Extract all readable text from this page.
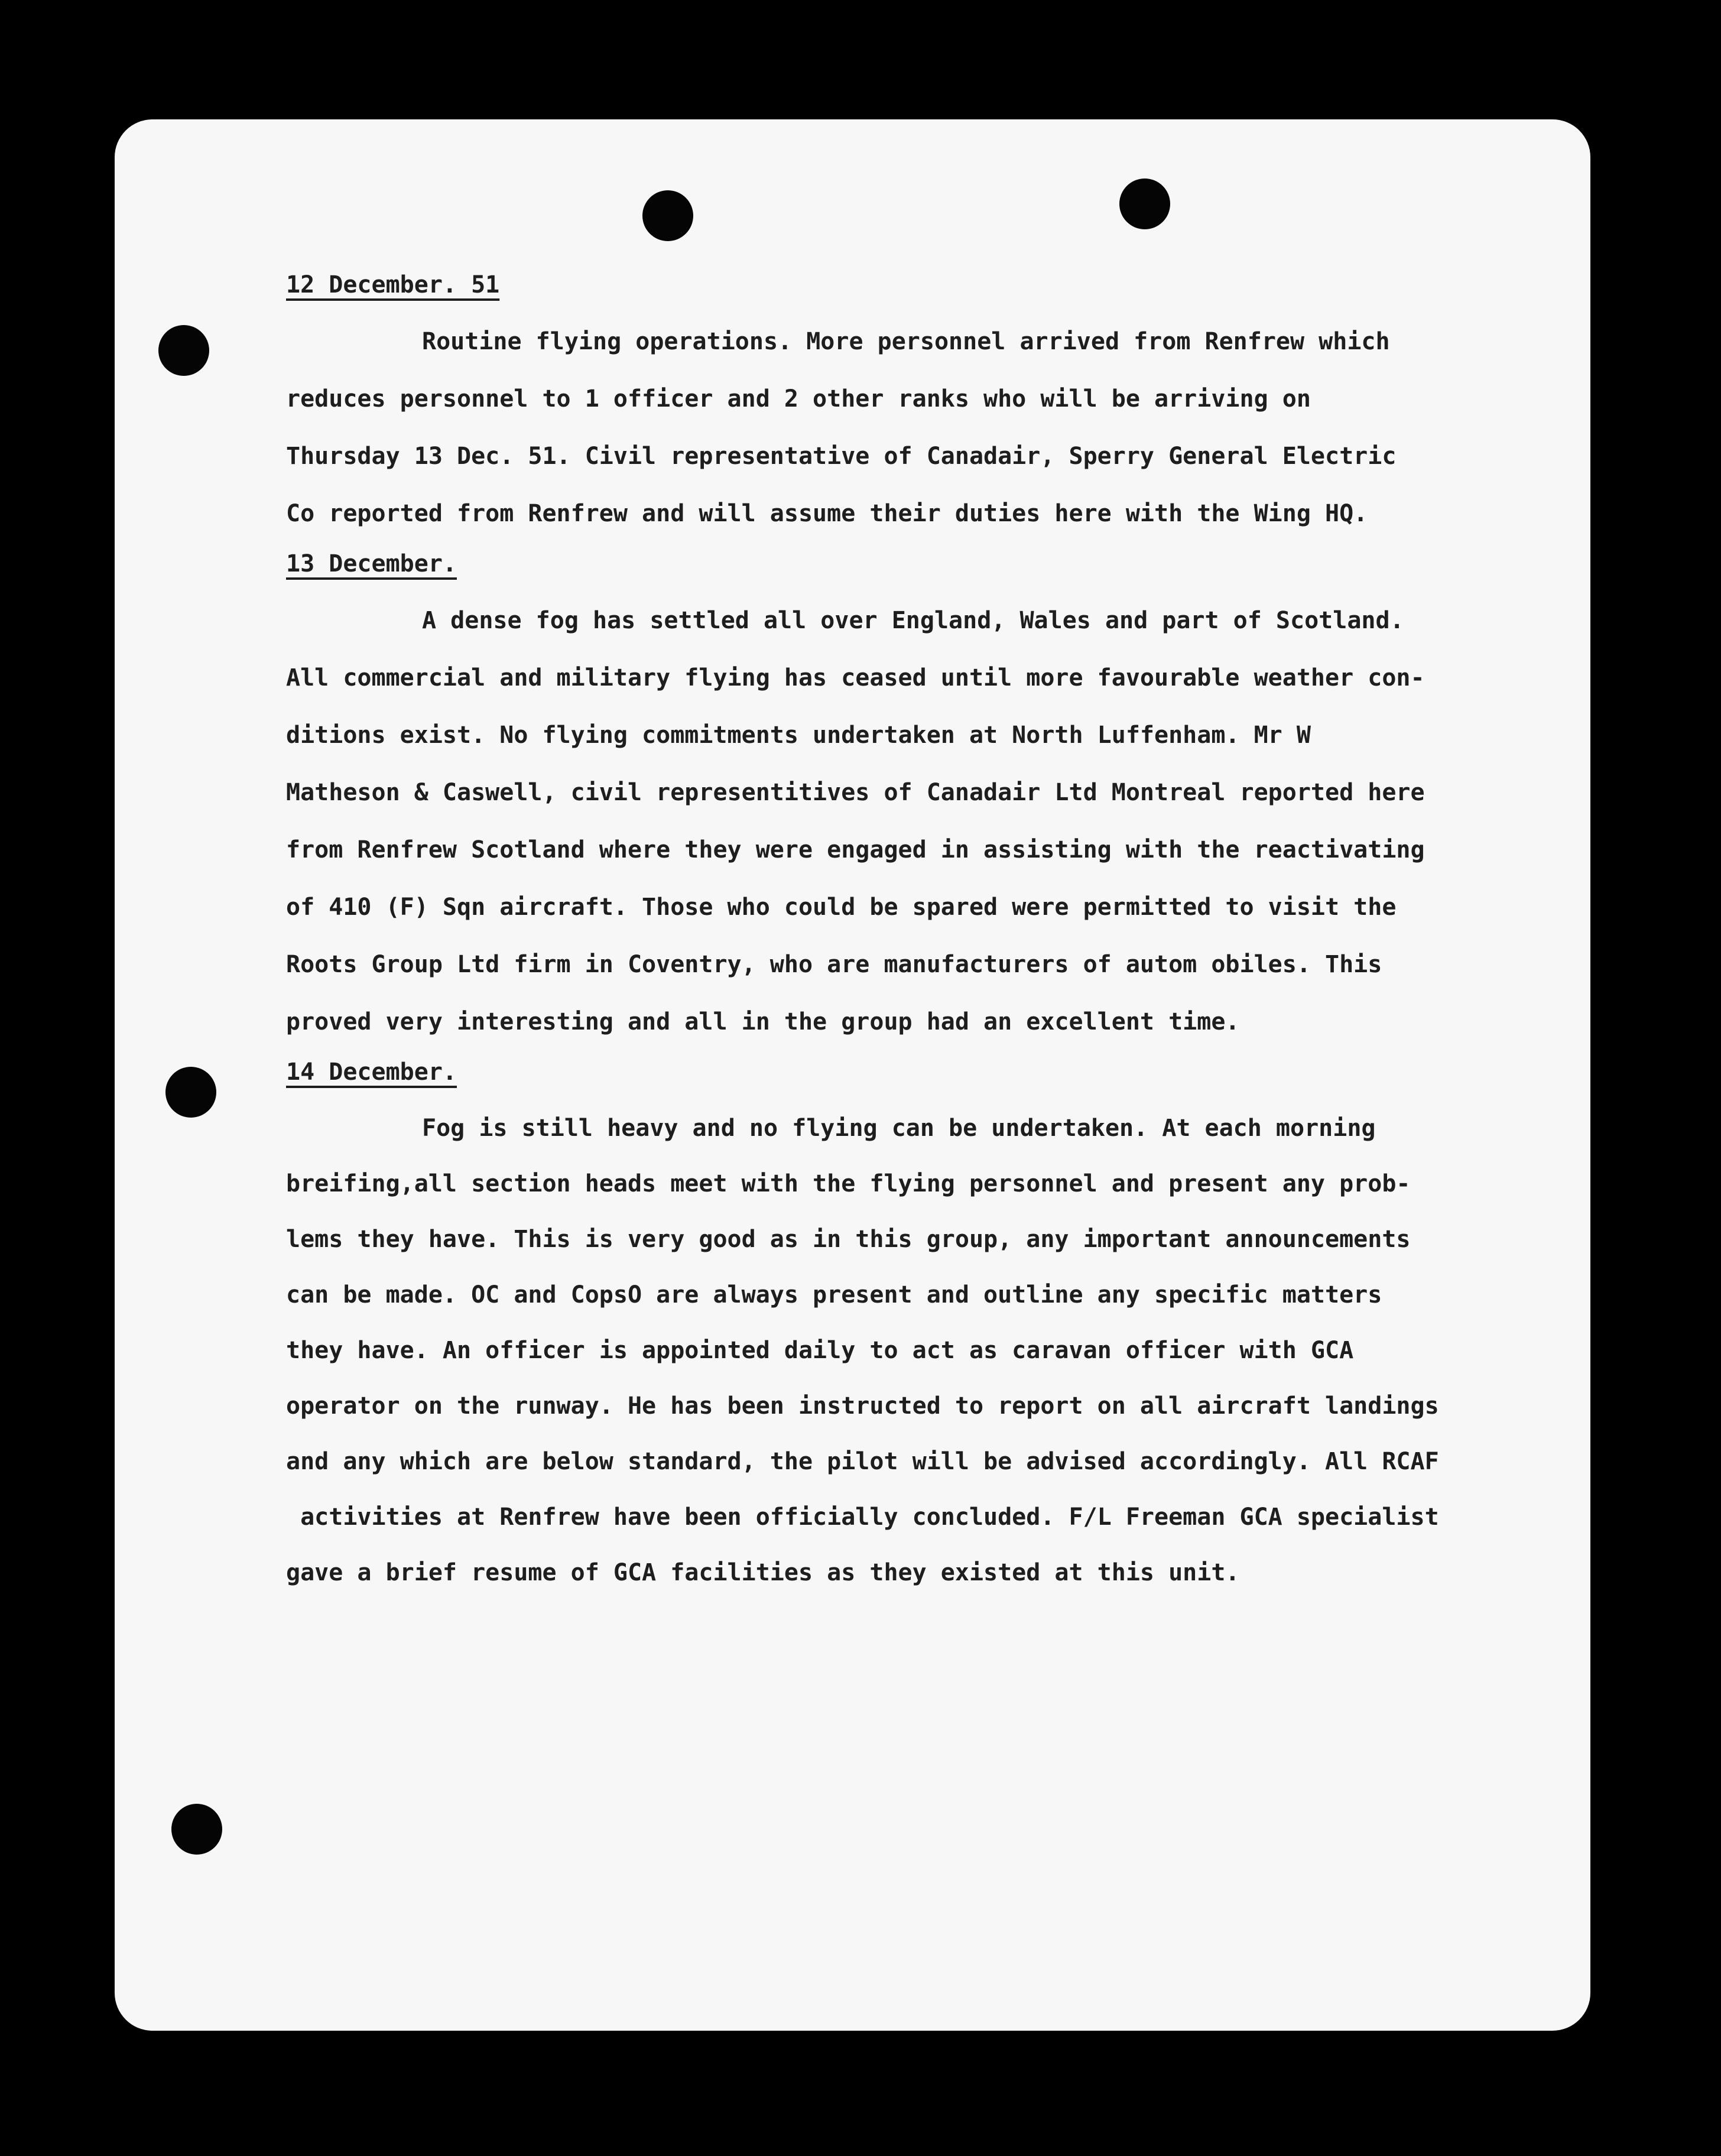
12 December. 51
Routine flying operations. More personnel arrived from Renfrew which
reduces personnel to 1 officer and 2 other ranks who will be arriving on
Thursday 13 Dec. 51. Civil representative of Canadair, Sperry General Electric
Co reported from Renfrew and will assume their duties here with the Wing HQ.
13 December.
A dense fog has settled all over England, Wales and part of Scotland.
All commercial and military flying has ceased until more favourable weather con-
ditions exist. No flying commitments undertaken at North Luffenham. Mr W
Matheson & Caswell, civil representitives of Canadair Ltd Montreal reported here
from Renfrew Scotland where they were engaged in assisting with the reactivating
of 410 (F) Sqn aircraft. Those who could be spared were permitted to visit the
Roots Group Ltd firm in Coventry, who are manufacturers of autom obiles. This
proved very interesting and all in the group had an excellent time.
14 December.
Fog is still heavy and no flying can be undertaken. At each morning
breifing,all section heads meet with the flying personnel and present any prob-
lems they have. This is very good as in this group, any important announcements
can be made. OC and CopsO are always present and outline any specific matters
they have. An officer is appointed daily to act as caravan officer with GCA
operator on the runway. He has been instructed to report on all aircraft landings
and any which are below standard, the pilot will be advised accordingly. All RCAF
activities at Renfrew have been officially concluded. F/L Freeman GCA specialist
gave a brief resume of GCA facilities as they existed at this unit.
